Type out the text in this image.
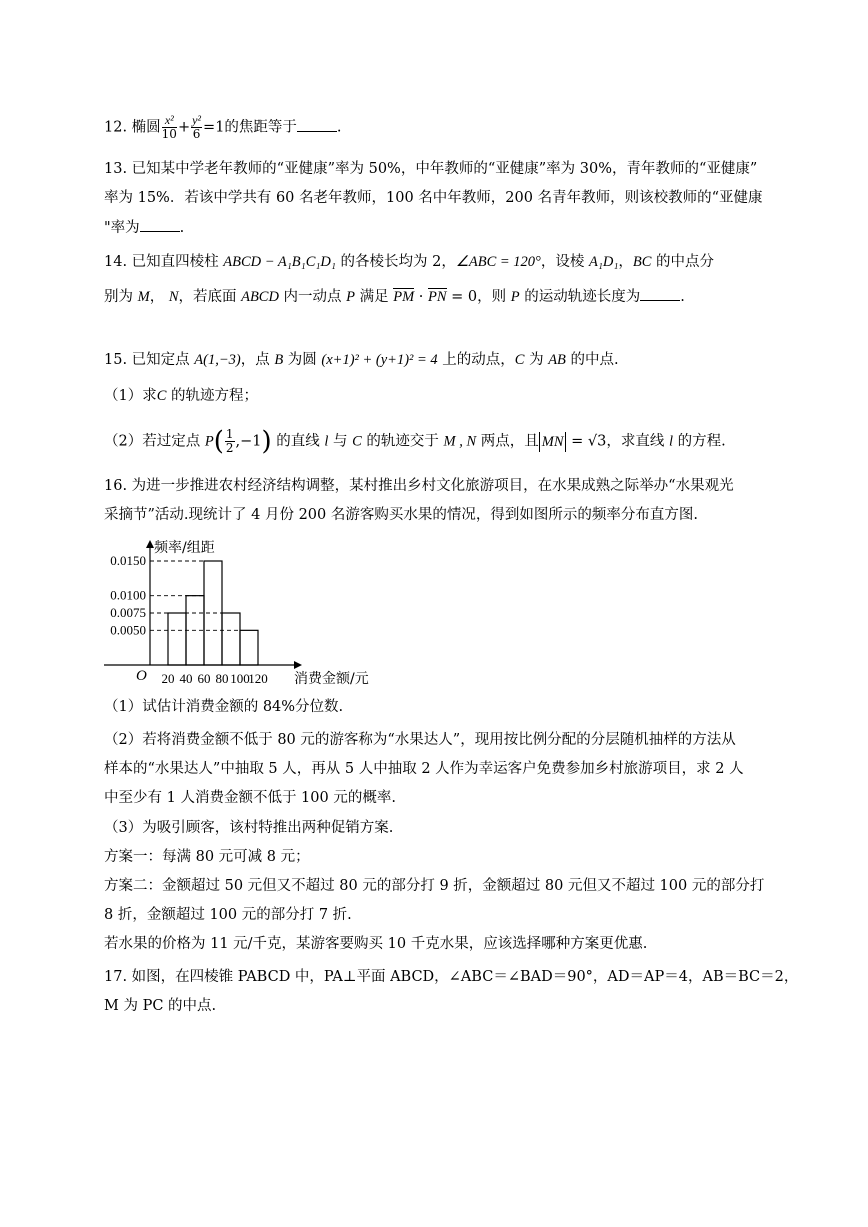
12. 椭圆 $\frac{\text{x²}}{10} + \frac{\text{y²}}{6} =1$的焦距等于	.
13. 已知某中学老年教师的“亚健康”率为 50%，中年教师的“亚健康”率为 30%，青年教师的“亚健康”
率为 15%．若该中学共有 60 名老年教师，100 名中年教师，200 名青年教师，则该校教师的“亚健康
"率为	.
14. 已知直四棱柱 ABCD − A₁B₁C₁D₁ 的各棱长均为 2，∠ABC = 120°，设棱 A₁D₁，BC 的中点分
别为 M， N，若底面 ABCD 内一动点 P 满足 PM · PN = 0，则 P 的运动轨迹长度为	.
15. 已知定点 A(1,−3)，点 B 为圆 (x+1)² + (y+1)² = 4 上的动点，C 为 AB 的中点.
（1）求C 的轨迹方程；
（2）若过定点 $P( \frac{1}{2} ,-1)$ 的直线 l 与 C 的轨迹交于 M , N 两点，且 MN = √3，求直线 l 的方程.
16. 为进一步推进农村经济结构调整，某村推出乡村文化旅游项目，在水果成熟之际举办“水果观光
采摘节”活动.现统计了 4 月份 200 名游客购买水果的情况，得到如图所示的频率分布直方图.
0.0050
0.0075
0.0100
0.0150
20 40 60 80 100
120
频率/组距
消费金额/元
O
（1）试估计消费金额的 84%分位数.
（2）若将消费金额不低于 80 元的游客称为“水果达人”，现用按比例分配的分层随机抽样的方法从
样本的“水果达人”中抽取 5 人，再从 5 人中抽取 2 人作为幸运客户免费参加乡村旅游项目，求 2 人
中至少有 1 人消费金额不低于 100 元的概率.
（3）为吸引顾客，该村特推出两种促销方案.
方案一：每满 80 元可减 8 元；
方案二：金额超过 50 元但又不超过 80 元的部分打 9 折，金额超过 80 元但又不超过 100 元的部分打
8 折，金额超过 100 元的部分打 7 折.
若水果的价格为 11 元/千克，某游客要购买 10 千克水果，应该选择哪种方案更优惠.
17. 如图，在四棱锥 PABCD 中，PA⊥平面 ABCD，∠ABC＝∠BAD＝90°，AD＝AP＝4，AB＝BC＝2，
M 为 PC 的中点.
